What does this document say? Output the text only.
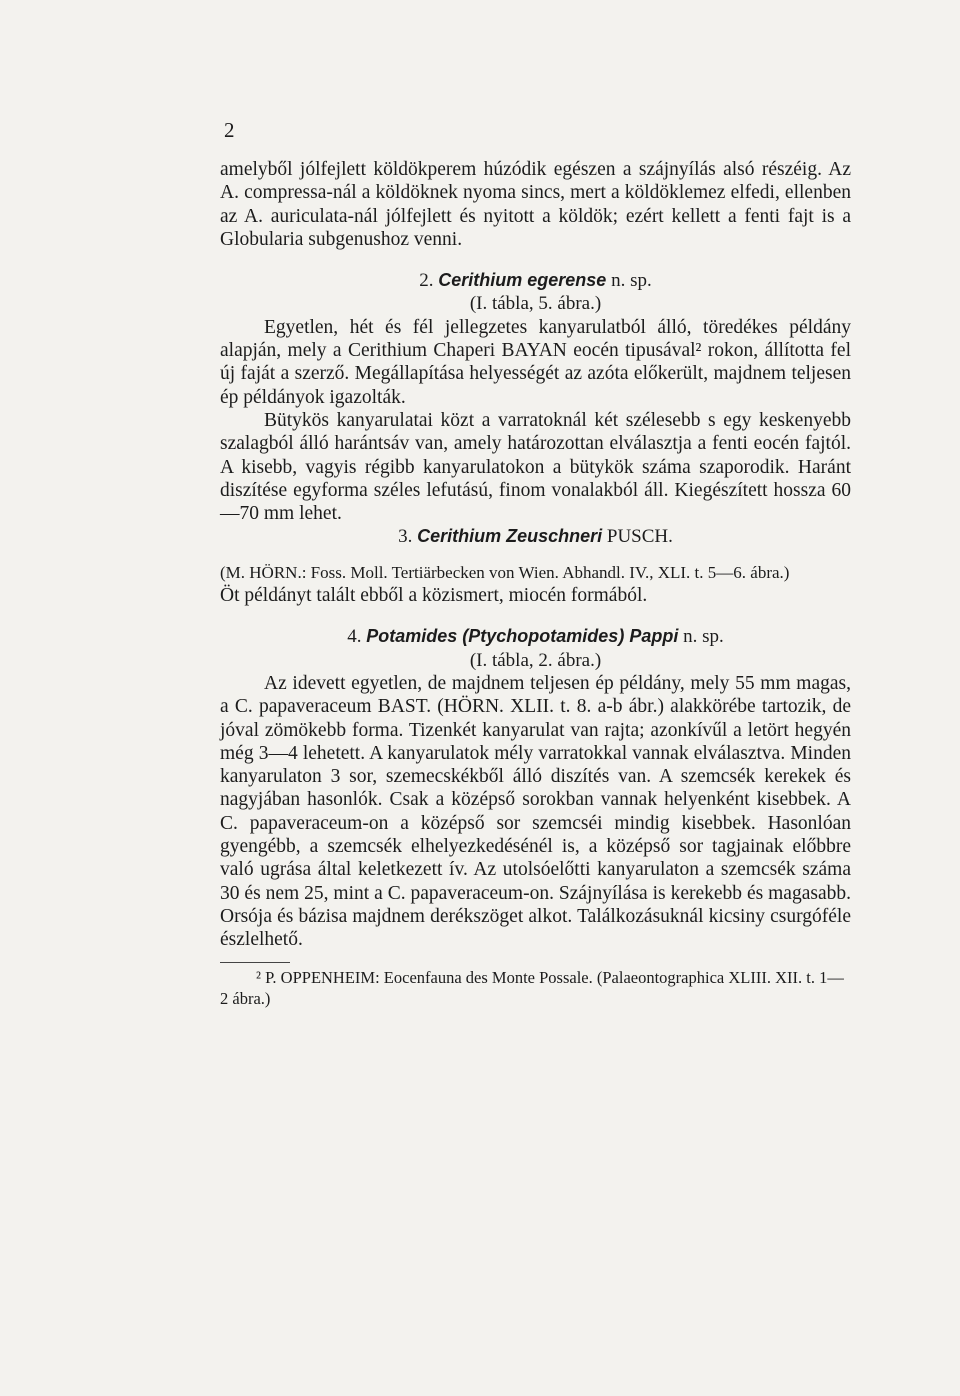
2

amelyből jólfejlett köldökperem húzódik egészen a szájnyílás alsó részéig. Az A. compressa-nál a köldöknek nyoma sincs, mert a köldöklemez elfedi, ellenben az A. auriculata-nál jólfejlett és nyitott a köldök; ezért kellett a fenti fajt is a Globularia subgenushoz venni.

2. Cerithium egerense n. sp.

(I. tábla, 5. ábra.)

Egyetlen, hét és fél jellegzetes kanyarulatból álló, töredékes példány alapján, mely a Cerithium Chaperi BAYAN eocén tipusával² rokon, állította fel új faját a szerző. Megállapítása helyességét az azóta előkerült, majdnem teljesen ép példányok igazolták.

Bütykös kanyarulatai közt a varratoknál két szélesebb s egy keskenyebb szalagból álló harántsáv van, amely határozottan elválasztja a fenti eocén fajtól. A kisebb, vagyis régibb kanyarulatokon a bütykök száma szaporodik. Haránt diszítése egyforma széles lefutású, finom vonalakból áll. Kiegészített hossza 60—70 mm lehet.

3. Cerithium Zeuschneri PUSCH.

(M. HÖRN.: Foss. Moll. Tertiärbecken von Wien. Abhandl. IV., XLI. t. 5—6. ábra.)

Öt példányt talált ebből a közismert, miocén formából.

4. Potamides (Ptychopotamides) Pappi n. sp.

(I. tábla, 2. ábra.)

Az idevett egyetlen, de majdnem teljesen ép példány, mely 55 mm magas, a C. papaveraceum BAST. (HÖRN. XLII. t. 8. a-b ábr.) alakkörébe tartozik, de jóval zömökebb forma. Tizenkét kanyarulat van rajta; azonkívűl a letört hegyén még 3—4 lehetett. A kanyarulatok mély varratokkal vannak elválasztva. Minden kanyarulaton 3 sor, szemecskékből álló diszítés van. A szemcsék kerekek és nagyjában hasonlók. Csak a középső sorokban vannak helyenként kisebbek. A C. papaveraceum-on a középső sor szemcséi mindig kisebbek. Hasonlóan gyengébb, a szemcsék elhelyezkedésénél is, a középső sor tagjainak előbbre való ugrása által keletkezett ív. Az utolsóelőtti kanyarulaton a szemcsék száma 30 és nem 25, mint a C. papaveraceum-on. Szájnyílása is kerekebb és magasabb. Orsója és bázisa majdnem derékszöget alkot. Találkozásuknál kicsiny csurgóféle észlelhető.

² P. OPPENHEIM: Eocenfauna des Monte Possale. (Palaeontographica XLIII. XII. t. 1—2 ábra.)
